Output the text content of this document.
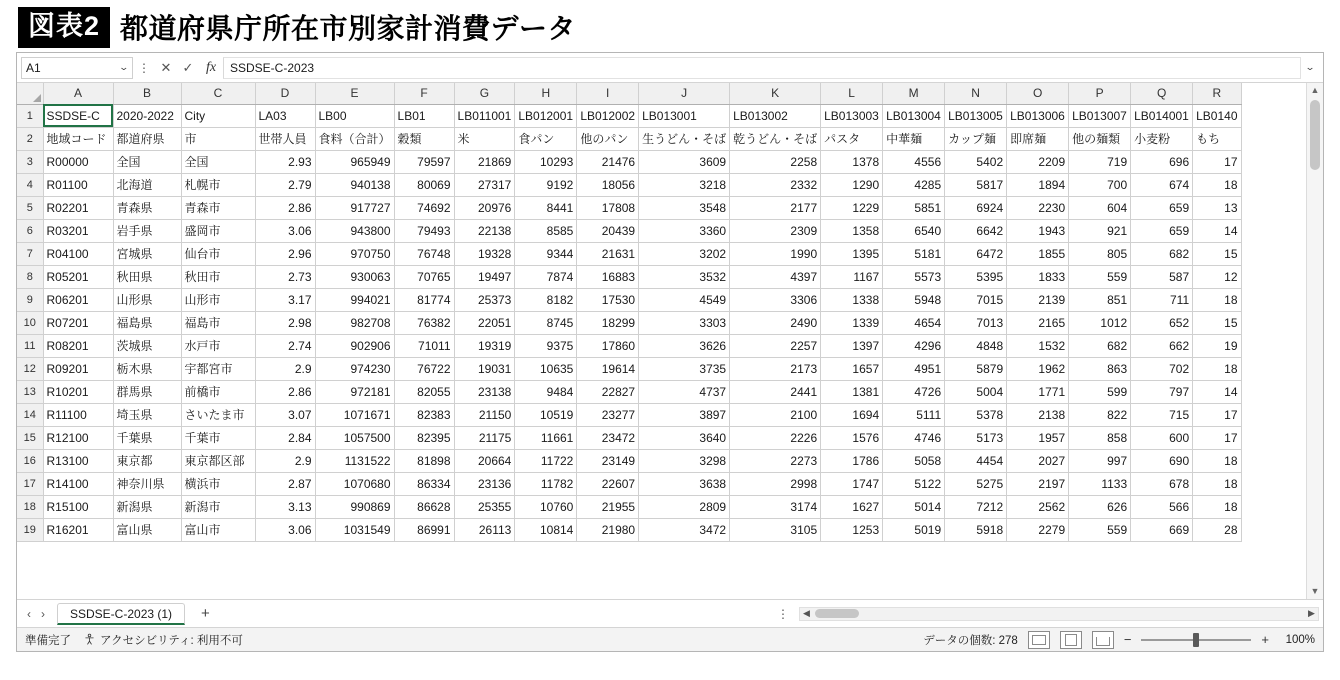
図表2 都道府県庁所在市別家計消費データ
A1	⌄ ⋮ ✕ ✓ fx	SSDSE-C-2023	⌄
	A	B	C	D	E	F	G	H	I	J	K	L	M	N	O	P	Q	R
1	SSDSE-C	2020-2022	City	LA03	LB00	LB01	LB011001	LB012001	LB012002	LB013001	LB013002	LB013003	LB013004	LB013005	LB013006	LB013007	LB014001	LB0140
2	地域コード	都道府県	市	世帯人員	食料（合計）	穀類	米	食パン	他のパン	生うどん・そば	乾うどん・そば	パスタ	中華麺	カップ麺	即席麺	他の麺類	小麦粉	もち
3	R00000	全国	全国	2.93	965949	79597	21869	10293	21476	3609	2258	1378	4556	5402	2209	719	696	17
4	R01100	北海道	札幌市	2.79	940138	80069	27317	9192	18056	3218	2332	1290	4285	5817	1894	700	674	18
5	R02201	青森県	青森市	2.86	917727	74692	20976	8441	17808	3548	2177	1229	5851	6924	2230	604	659	13
6	R03201	岩手県	盛岡市	3.06	943800	79493	22138	8585	20439	3360	2309	1358	6540	6642	1943	921	659	14
7	R04100	宮城県	仙台市	2.96	970750	76748	19328	9344	21631	3202	1990	1395	5181	6472	1855	805	682	15
8	R05201	秋田県	秋田市	2.73	930063	70765	19497	7874	16883	3532	4397	1167	5573	5395	1833	559	587	12
9	R06201	山形県	山形市	3.17	994021	81774	25373	8182	17530	4549	3306	1338	5948	7015	2139	851	711	18
10	R07201	福島県	福島市	2.98	982708	76382	22051	8745	18299	3303	2490	1339	4654	7013	2165	1012	652	15
11	R08201	茨城県	水戸市	2.74	902906	71011	19319	9375	17860	3626	2257	1397	4296	4848	1532	682	662	19
12	R09201	栃木県	宇都宮市	2.9	974230	76722	19031	10635	19614	3735	2173	1657	4951	5879	1962	863	702	18
13	R10201	群馬県	前橋市	2.86	972181	82055	23138	9484	22827	4737	2441	1381	4726	5004	1771	599	797	14
14	R11100	埼玉県	さいたま市	3.07	1071671	82383	21150	10519	23277	3897	2100	1694	5111	5378	2138	822	715	17
15	R12100	千葉県	千葉市	2.84	1057500	82395	21175	11661	23472	3640	2226	1576	4746	5173	1957	858	600	17
16	R13100	東京都	東京都区部	2.9	1131522	81898	20664	11722	23149	3298	2273	1786	5058	4454	2027	997	690	18
17	R14100	神奈川県	横浜市	2.87	1070680	86334	23136	11782	22607	3638	2998	1747	5122	5275	2197	1133	678	18
18	R15100	新潟県	新潟市	3.13	990869	86628	25355	10760	21955	2809	3174	1627	5014	7212	2562	626	566	18
19	R16201	富山県	富山市	3.06	1031549	86991	26113	10814	21980	3472	3105	1253	5019	5918	2279	559	669	28
▲
▼
‹ ›	SSDSE-C-2023 (1)	+	⋮	◀	▶
準備完了	アクセシビリティ: 利用不可	データの個数: 278	−	+	100%
